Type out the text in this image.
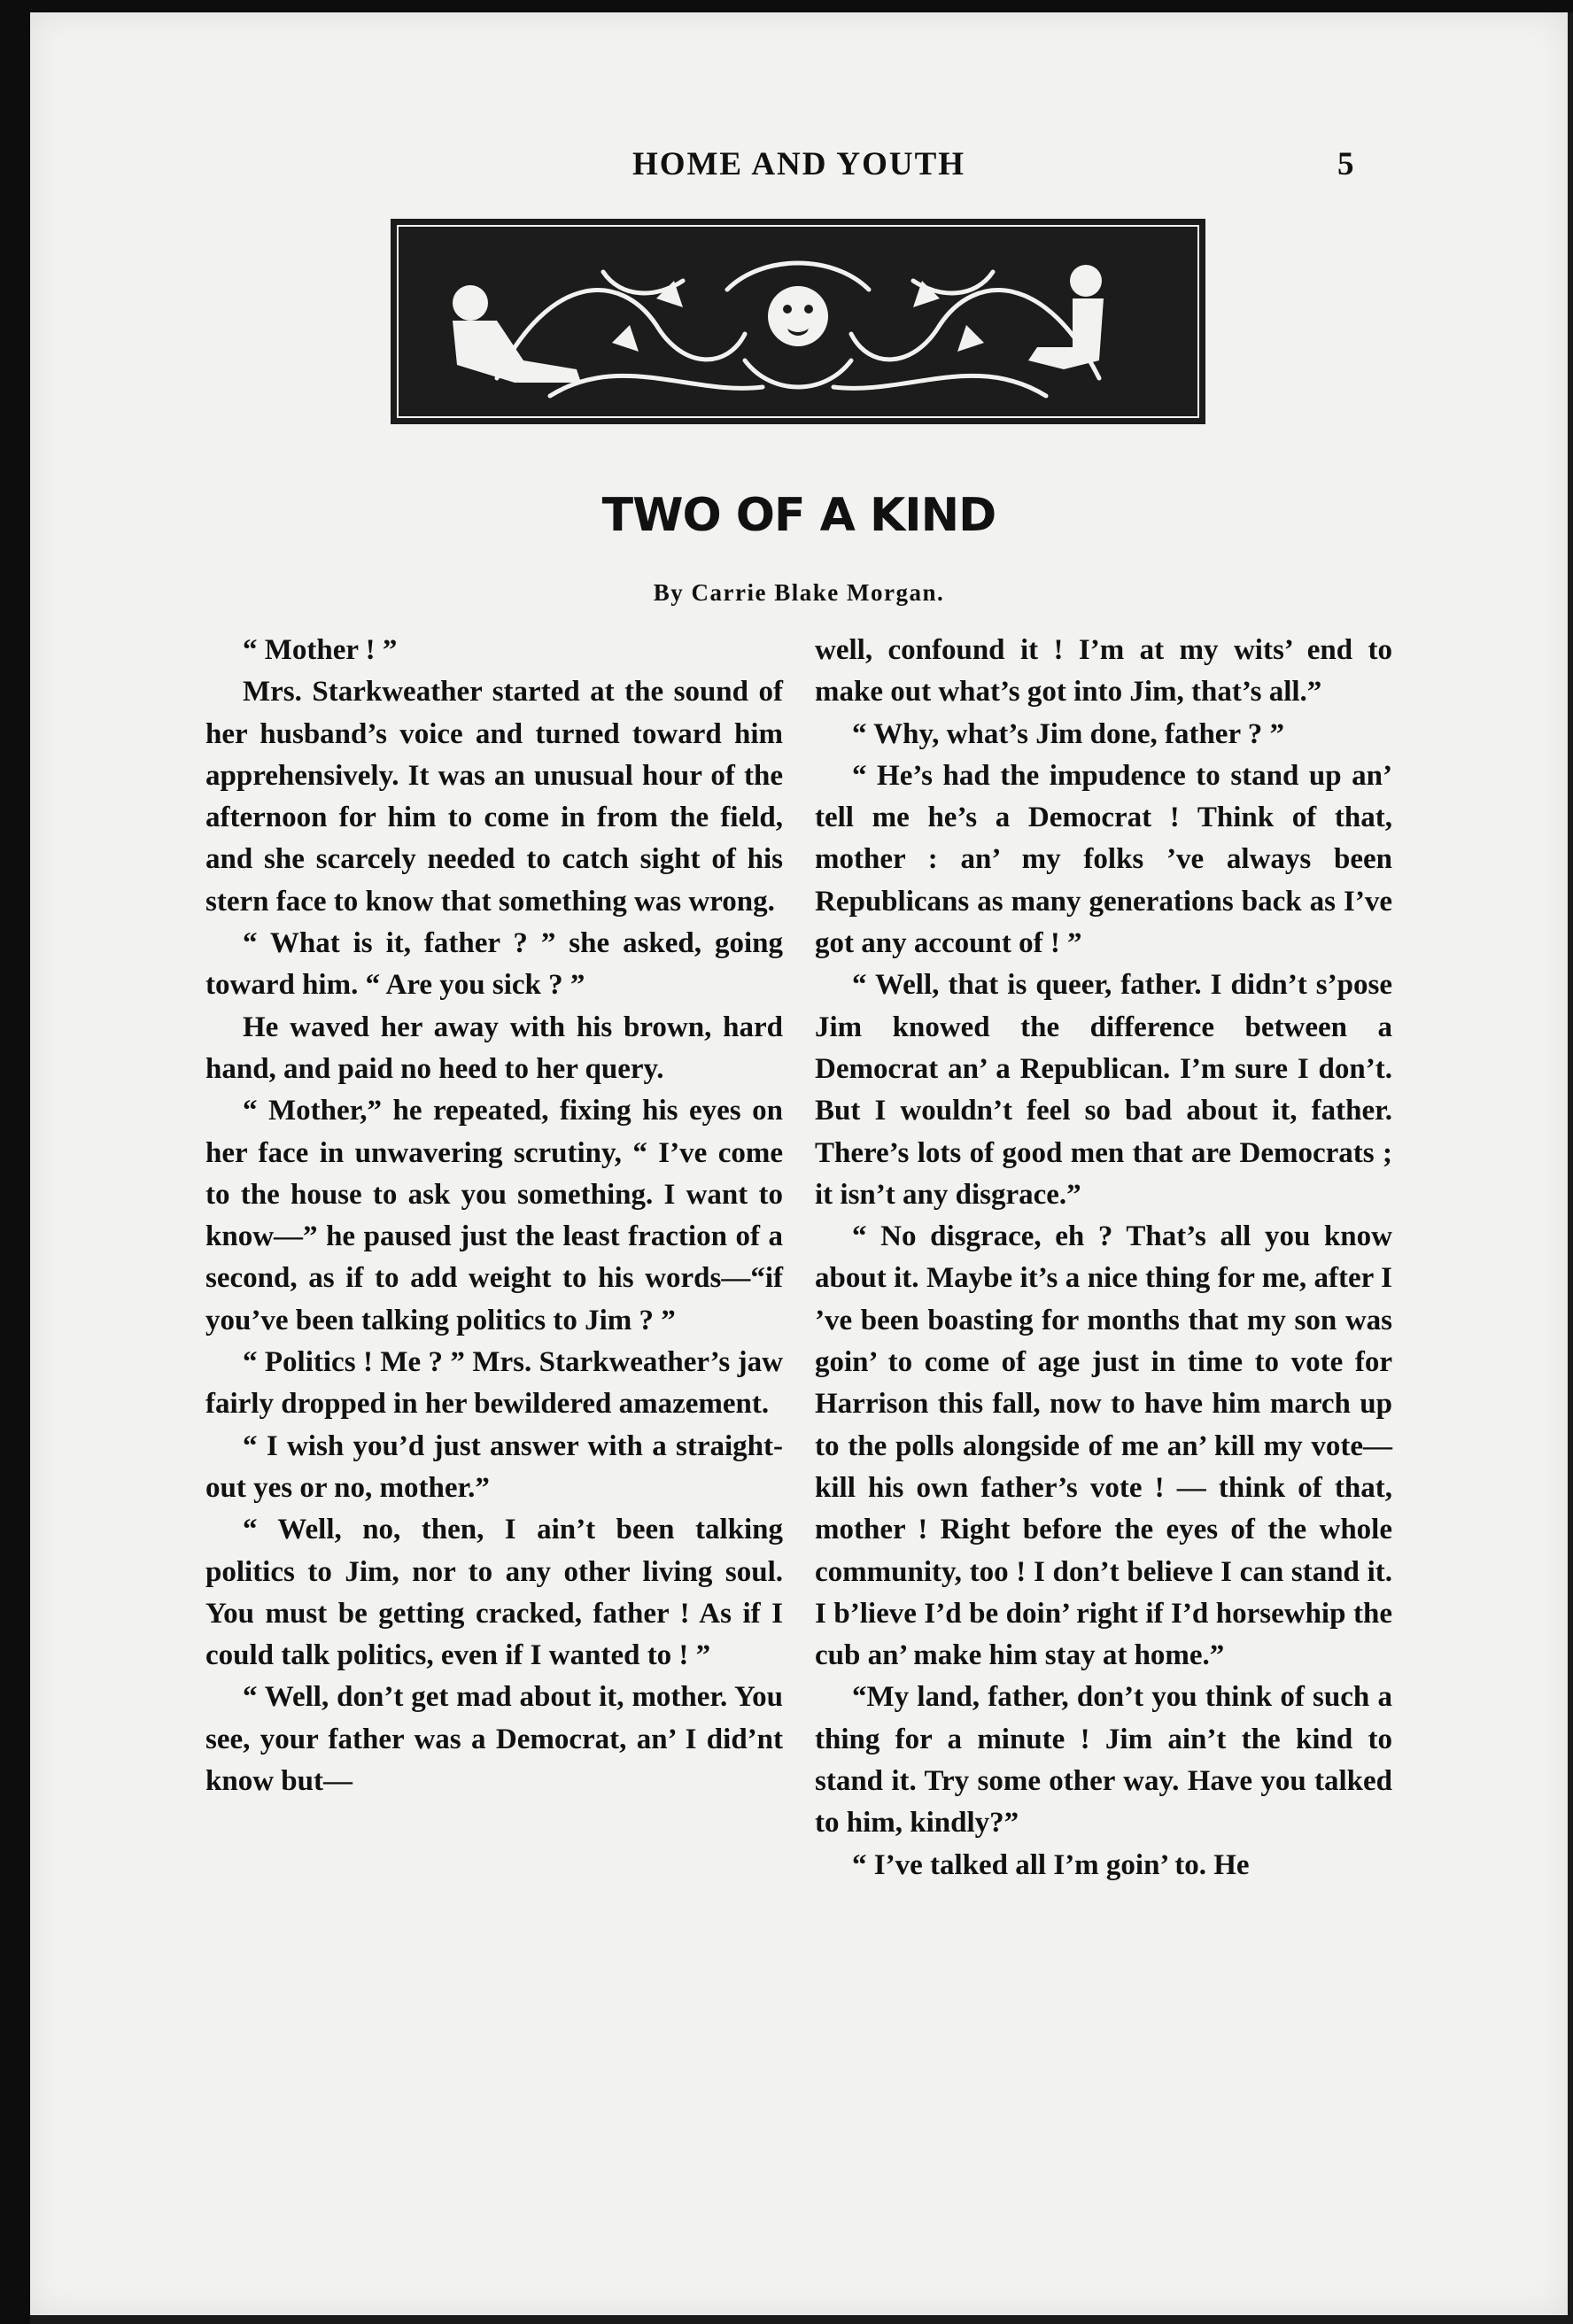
HOME AND YOUTH	5
TWO OF A KIND
By Carrie Blake Morgan.

“ Mother ! ”

Mrs. Starkweather started at the sound of her husband’s voice and turned toward him apprehensively. It was an unusual hour of the afternoon for him to come in from the field, and she scarcely needed to catch sight of his stern face to know that something was wrong.

“ What is it, father ? ” she asked, going toward him. “ Are you sick ? ”

He waved her away with his brown, hard hand, and paid no heed to her query.

“ Mother,” he repeated, fixing his eyes on her face in unwavering scrutiny, “ I’ve come to the house to ask you something. I want to know—” he paused just the least fraction of a second, as if to add weight to his words—“if you’ve been talking politics to Jim ? ”

“ Politics ! Me ? ” Mrs. Starkweather’s jaw fairly dropped in her bewildered amazement.

“ I wish you’d just answer with a straight-out yes or no, mother.”

“ Well, no, then, I ain’t been talking politics to Jim, nor to any other living soul. You must be getting cracked, father ! As if I could talk politics, even if I wanted to ! ”

“ Well, don’t get mad about it, mother. You see, your father was a Democrat, an’ I did’nt know but—

well, confound it ! I’m at my wits’ end to make out what’s got into Jim, that’s all.”

“ Why, what’s Jim done, father ? ”

“ He’s had the impudence to stand up an’ tell me he’s a Democrat ! Think of that, mother : an’ my folks ’ve always been Republicans as many generations back as I’ve got any account of ! ”

“ Well, that is queer, father. I didn’t s’pose Jim knowed the difference between a Democrat an’ a Republican. I’m sure I don’t. But I wouldn’t feel so bad about it, father. There’s lots of good men that are Democrats ; it isn’t any disgrace.”

“ No disgrace, eh ? That’s all you know about it. Maybe it’s a nice thing for me, after I ’ve been boasting for months that my son was goin’ to come of age just in time to vote for Harrison this fall, now to have him march up to the polls alongside of me an’ kill my vote—kill his own father’s vote ! — think of that, mother ! Right before the eyes of the whole community, too ! I don’t believe I can stand it. I b’lieve I’d be doin’ right if I’d horsewhip the cub an’ make him stay at home.”

“My land, father, don’t you think of such a thing for a minute ! Jim ain’t the kind to stand it. Try some other way. Have you talked to him, kindly?”

“ I’ve talked all I’m goin’ to. He
